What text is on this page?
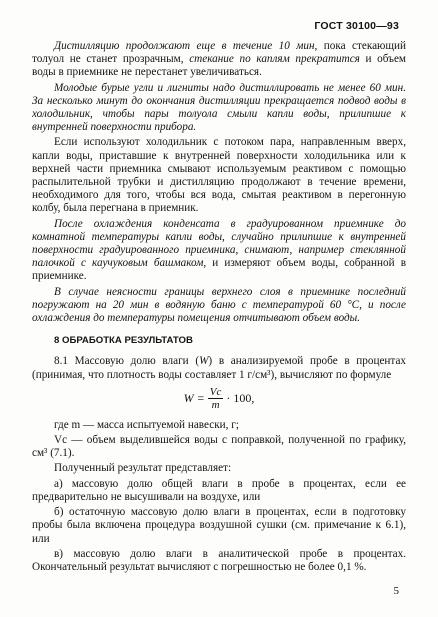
ГОСТ 30100—93

Дистилляцию продолжают еще в течение 10 мин, пока стекающий толуол не станет прозрачным, стекание по каплям прекратится и объем воды в приемнике не перестанет увеличиваться.

Молодые бурые угли и лигниты надо дистиллировать не менее 60 мин. За несколько минут до окончания дистилляции прекращается подвод воды в холодильник, чтобы пары толуола смыли капли воды, прилипшие к внутренней поверхности прибора.

Если используют холодильник с потоком пара, направленным вверх, капли воды, приставшие к внутренней поверхности холодильника или к верхней части приемника смывают используемым реактивом с помощью распылительной трубки и дистилляцию продолжают в течение времени, необходимого для того, чтобы вся вода, смытая реактивом в перегонную колбу, была перегнана в приемник.

После охлаждения конденсата в градуированном приемнике до комнатной температуры капли воды, случайно прилипшие к внутренней поверхности градуированного приемника, снимают, например стеклянной палочкой с каучуковым башмаком, и измеряют объем воды, собранной в приемнике.

В случае неясности границы верхнего слоя в приемнике последний погружают на 20 мин в водяную баню с температурой 60 °С, и после охлаждения до температуры помещения отчитывают объем воды.

8 ОБРАБОТКА РЕЗУЛЬТАТОВ

8.1 Массовую долю влаги (W) в анализируемой пробе в процентах (принимая, что плотность воды составляет 1 г/см³), вычисляют по формуле

$W = \frac{Vc}{m} \cdot 100$,

где m — масса испытуемой навески, г;

Vc — объем выделившейся воды с поправкой, полученной по графику, см³ (7.1).

Полученный результат представляет:

а) массовую долю общей влаги в пробе в процентах, если ее предварительно не высушивали на воздухе, или

б) остаточную массовую долю влаги в процентах, если в подготовку пробы была включена процедура воздушной сушки (см. примечание к 6.1), или

в) массовую долю влаги в аналитической пробе в процентах. Окончательный результат вычисляют с погрешностью не более 0,1 %.

5
